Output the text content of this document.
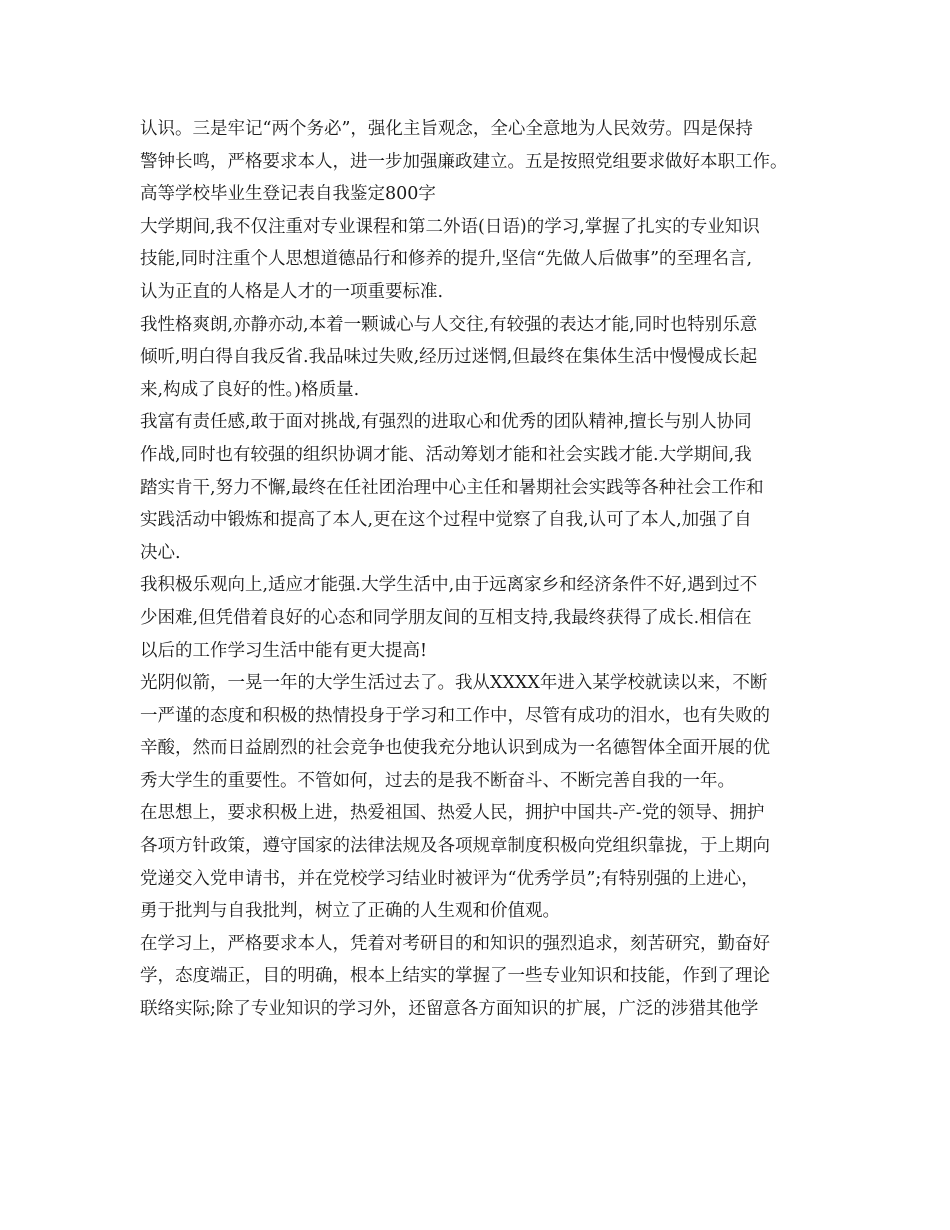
认识。三是牢记“两个务必”，强化主旨观念，全心全意地为人民效劳。四是保持
警钟长鸣，严格要求本人，进一步加强廉政建立。五是按照党组要求做好本职工作。
高等学校毕业生登记表自我鉴定800字
大学期间,我不仅注重对专业课程和第二外语(日语)的学习,掌握了扎实的专业知识
技能,同时注重个人思想道德品行和修养的提升,坚信“先做人后做事”的至理名言,
认为正直的人格是人才的一项重要标准.
我性格爽朗,亦静亦动,本着一颗诚心与人交往,有较强的表达才能,同时也特别乐意
倾听,明白得自我反省.我品味过失败,经历过迷惘,但最终在集体生活中慢慢成长起
来,构成了良好的性。)格质量.
我富有责任感,敢于面对挑战,有强烈的进取心和优秀的团队精神,擅长与别人协同
作战,同时也有较强的组织协调才能、活动筹划才能和社会实践才能.大学期间,我
踏实肯干,努力不懈,最终在任社团治理中心主任和暑期社会实践等各种社会工作和
实践活动中锻炼和提高了本人,更在这个过程中觉察了自我,认可了本人,加强了自
决心.
我积极乐观向上,适应才能强.大学生活中,由于远离家乡和经济条件不好,遇到过不
少困难,但凭借着良好的心态和同学朋友间的互相支持,我最终获得了成长.相信在
以后的工作学习生活中能有更大提高!
光阴似箭，一晃一年的大学生活过去了。我从XXXX年进入某学校就读以来，不断
一严谨的态度和积极的热情投身于学习和工作中，尽管有成功的泪水，也有失败的
辛酸，然而日益剧烈的社会竞争也使我充分地认识到成为一名德智体全面开展的优
秀大学生的重要性。不管如何，过去的是我不断奋斗、不断完善自我的一年。
在思想上，要求积极上进，热爱祖国、热爱人民，拥护中国共-产-党的领导、拥护
各项方针政策，遵守国家的法律法规及各项规章制度积极向党组织靠拢，于上期向
党递交入党申请书，并在党校学习结业时被评为“优秀学员”;有特别强的上进心，
勇于批判与自我批判，树立了正确的人生观和价值观。
在学习上，严格要求本人，凭着对考研目的和知识的强烈追求，刻苦研究，勤奋好
学，态度端正，目的明确，根本上结实的掌握了一些专业知识和技能，作到了理论
联络实际;除了专业知识的学习外，还留意各方面知识的扩展，广泛的涉猎其他学
